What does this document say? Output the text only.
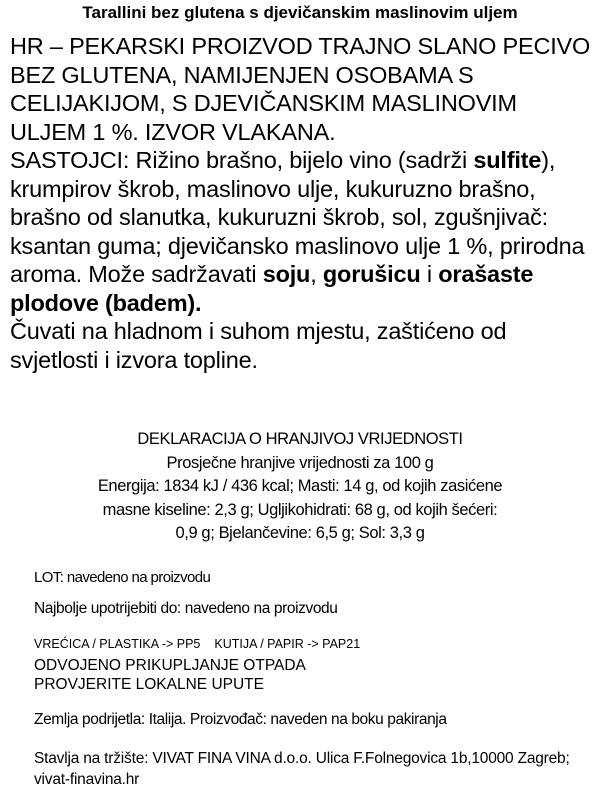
Tarallini bez glutena s djevičanskim maslinovim uljem

HR – PEKARSKI PROIZVOD TRAJNO SLANO PECIVO BEZ GLUTENA, NAMIJENJEN OSOBAMA S CELIJAKIJOM, S DJEVIČANSKIM MASLINOVIM ULJEM 1 %. IZVOR VLAKANA.

SASTOJCI: Rižino brašno, bijelo vino (sadrži sulfite), krumpirov škrob, maslinovo ulje, kukuruzno brašno, brašno od slanutka, kukuruzni škrob, sol, zgušnjivač: ksantan guma; djevičansko maslinovo ulje 1 %, prirodna aroma. Može sadržavati soju, gorušicu i orašaste plodove (badem).

Čuvati na hladnom i suhom mjestu, zaštićeno od svjetlosti i izvora topline.

DEKLARACIJA O HRANJIVOJ VRIJEDNOSTI
Prosječne hranjive vrijednosti za 100 g
Energija: 1834 kJ / 436 kcal; Masti: 14 g, od kojih zasićene
masne kiseline: 2,3 g; Ugljikohidrati: 68 g, od kojih šećeri:
0,9 g; Bjelančevine: 6,5 g; Sol: 3,3 g
LOT: navedeno na proizvodu
Najbolje upotrijebiti do: navedeno na proizvodu
VREĆICA / PLASTIKA -> PP5 KUTIJA / PAPIR -> PAP21
ODVOJENO PRIKUPLJANJE OTPADA
PROVJERITE LOKALNE UPUTE
Zemlja podrijetla: Italija. Proizvođač: naveden na boku pakiranja
Stavlja na tržište: VIVAT FINA VINA d.o.o. Ulica F.Folnegovica 1b,10000 Zagreb; vivat-finavina.hr
